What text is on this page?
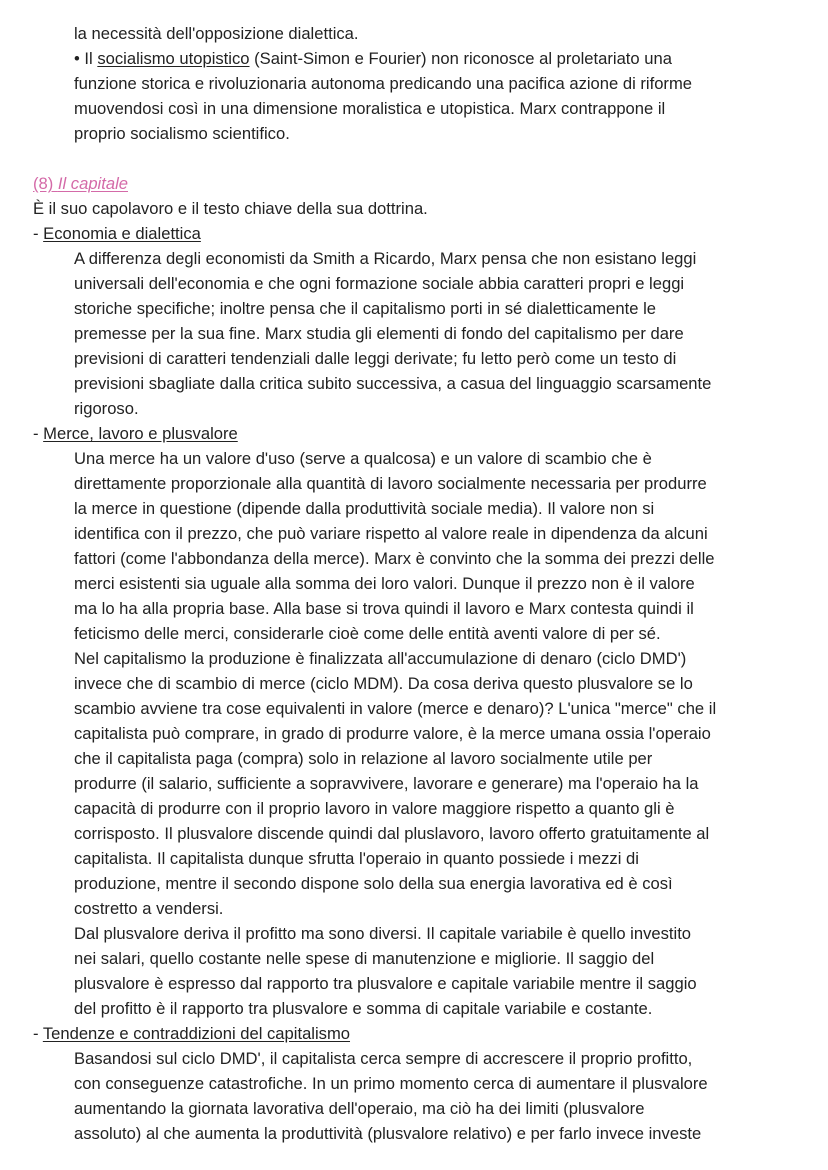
la necessità dell'opposizione dialettica.
• Il socialismo utopistico (Saint-Simon e Fourier) non riconosce al proletariato una
funzione storica e rivoluzionaria autonoma predicando una pacifica azione di riforme
muovendosi così in una dimensione moralistica e utopistica. Marx contrappone il
proprio socialismo scientifico.
(8) Il capitale
È il suo capolavoro e il testo chiave della sua dottrina.
- Economia e dialettica
A differenza degli economisti da Smith a Ricardo, Marx pensa che non esistano leggi
universali dell'economia e che ogni formazione sociale abbia caratteri propri e leggi
storiche specifiche; inoltre pensa che il capitalismo porti in sé dialetticamente le
premesse per la sua fine. Marx studia gli elementi di fondo del capitalismo per dare
previsioni di caratteri tendenziali dalle leggi derivate; fu letto però come un testo di
previsioni sbagliate dalla critica subito successiva, a casua del linguaggio scarsamente
rigoroso.
- Merce, lavoro e plusvalore
Una merce ha un valore d'uso (serve a qualcosa) e un valore di scambio che è
direttamente proporzionale alla quantità di lavoro socialmente necessaria per produrre
la merce in questione (dipende dalla produttività sociale media). Il valore non si
identifica con il prezzo, che può variare rispetto al valore reale in dipendenza da alcuni
fattori (come l'abbondanza della merce). Marx è convinto che la somma dei prezzi delle
merci esistenti sia uguale alla somma dei loro valori. Dunque il prezzo non è il valore
ma lo ha alla propria base. Alla base si trova quindi il lavoro e Marx contesta quindi il
feticismo delle merci, considerarle cioè come delle entità aventi valore di per sé.
Nel capitalismo la produzione è finalizzata all'accumulazione di denaro (ciclo DMD')
invece che di scambio di merce (ciclo MDM). Da cosa deriva questo plusvalore se lo
scambio avviene tra cose equivalenti in valore (merce e denaro)? L'unica "merce" che il
capitalista può comprare, in grado di produrre valore, è la merce umana ossia l'operaio
che il capitalista paga (compra) solo in relazione al lavoro socialmente utile per
produrre (il salario, sufficiente a sopravvivere, lavorare e generare) ma l'operaio ha la
capacità di produrre con il proprio lavoro in valore maggiore rispetto a quanto gli è
corrisposto. Il plusvalore discende quindi dal pluslavoro, lavoro offerto gratuitamente al
capitalista. Il capitalista dunque sfrutta l'operaio in quanto possiede i mezzi di
produzione, mentre il secondo dispone solo della sua energia lavorativa ed è così
costretto a vendersi.
Dal plusvalore deriva il profitto ma sono diversi. Il capitale variabile è quello investito
nei salari, quello costante nelle spese di manutenzione e migliorie. Il saggio del
plusvalore è espresso dal rapporto tra plusvalore e capitale variabile mentre il saggio
del profitto è il rapporto tra plusvalore e somma di capitale variabile e costante.
- Tendenze e contraddizioni del capitalismo
Basandosi sul ciclo DMD', il capitalista cerca sempre di accrescere il proprio profitto,
con conseguenze catastrofiche. In un primo momento cerca di aumentare il plusvalore
aumentando la giornata lavorativa dell'operaio, ma ciò ha dei limiti (plusvalore
assoluto) al che aumenta la produttività (plusvalore relativo) e per farlo invece investe
